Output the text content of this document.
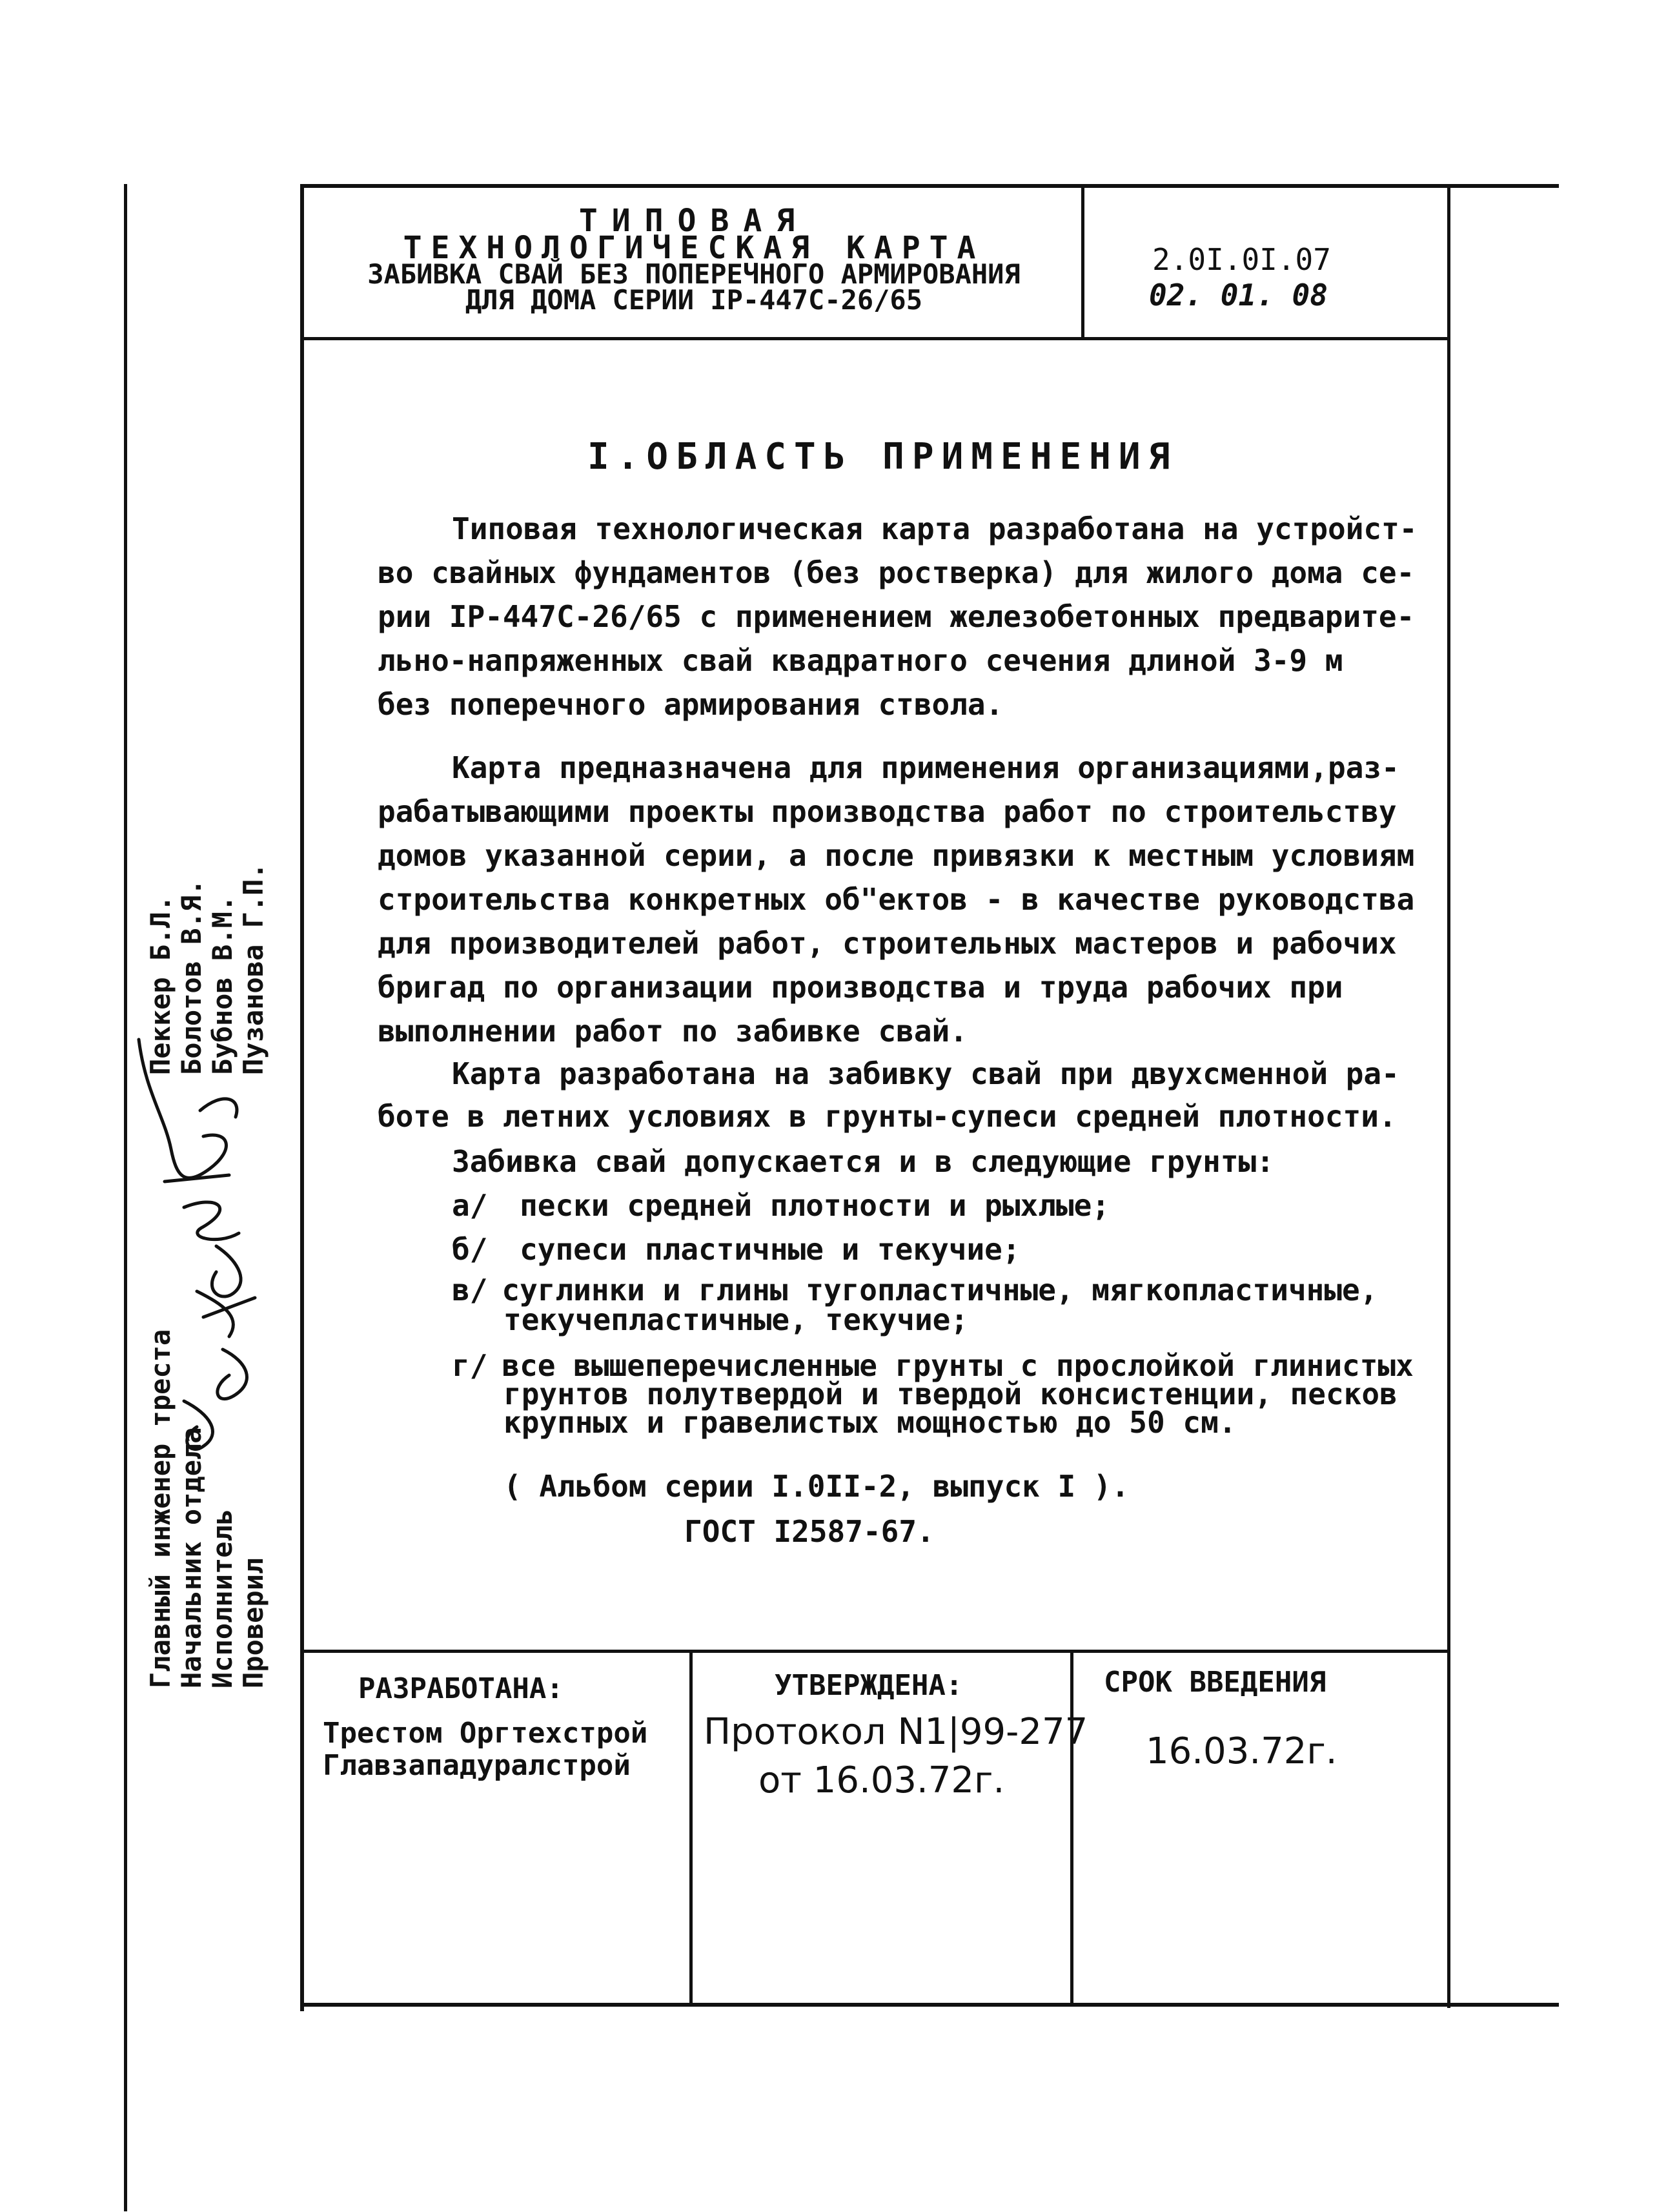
ТИПОВАЯ
ТЕХНОЛОГИЧЕСКАЯ КАРТА
ЗАБИВКА СВАЙ БЕЗ ПОПЕРЕЧНОГО АРМИРОВАНИЯ
ДЛЯ ДОМА СЕРИИ IР-447С-26/65
2.0I.0I.07
02. 01. 08
I.ОБЛАСТЬ ПРИМЕНЕНИЯ

Типовая технологическая карта разработана на устройст-

во свайных фундаментов (без ростверка) для жилого дома се-

рии IР-447С-26/65 с применением железобетонных предварите-

льно-напряженных свай квадратного сечения длиной 3-9 м

без поперечного армирования ствола.

Карта предназначена для применения организациями,раз-

рабатывающими проекты производства работ по строительству

домов указанной серии, а после привязки к местным условиям

строительства конкретных об"ектов - в качестве руководства

для производителей работ, строительных мастеров и рабочих

бригад по организации производства и труда рабочих при

выполнении работ по забивке свай.

Карта разработана на забивку свай при двухсменной ра-

боте в летних условиях в грунты-супеси средней плотности.

Забивка свай допускается и в следующие грунты:
а/ пески средней плотности и рыхлые;
б/ супеси пластичные и текучие;
в/ суглинки и глины тугопластичные, мягкопластичные,
текучепластичные, текучие;
г/ все вышеперечисленные грунты с прослойкой глинистых
грунтов полутвердой и твердой консистенции, песков
крупных и гравелистых мощностью до 50 см.
( Альбом серии I.0II-2, выпуск I ).
ГОСТ I2587-67.
Пеккер Б.Л. Болотов В.Я. Бубнов В.М. Пузанова Г.П.
Главный инженер треста Начальник отдела Исполнитель Проверил
РАЗРАБОТАНА:
Трестом Оргтехстрой
Главзападуралстрой
УТВЕРЖДЕНА:
Протокол N1|99-277
от 16.03.72г.
СРОК ВВЕДЕНИЯ
16.03.72г.
